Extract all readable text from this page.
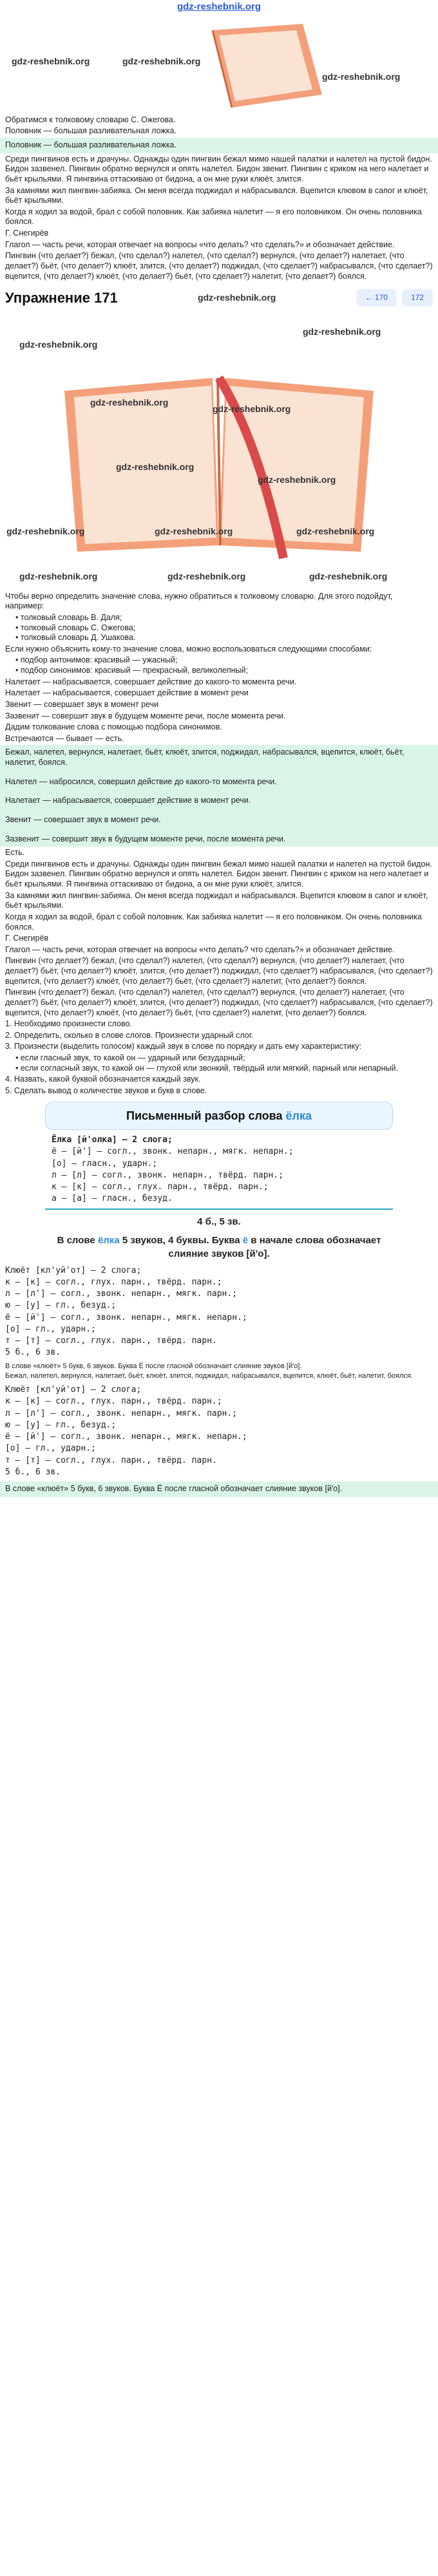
gdz-reshebnik.org
gdz-reshebnik.org	gdz-reshebnik.org
gdz-reshebnik.org

Обратимся к толковому словарю С. Ожегова.

Половник — большая разливательная ложка.

Половник — большая разливательная ложка.

Среди пингвинов есть и драчуны. Однажды один пингвин бежал мимо нашей палатки и налетел на пустой бидон. Бидон зазвенел. Пингвин обратно вернулся и опять налетел. Бидон звенит. Пингвин с криком на него налетает и бьёт крыльями. Я пингвина оттаскиваю от бидона, а он мне руки клюёт, злится.

За камнями жил пингвин-забияка. Он меня всегда поджидал и набрасывался. Вцепится клювом в сапог и клюёт, бьёт крыльями.

Когда я ходил за водой, брал с собой половник. Как забияка налетит — я его половником. Он очень половника боялся.

Г. Снегирёв

Глагол — часть речи, которая отвечает на вопросы «что делать? что сделать?» и обозначает действие.

Пингвин (что делает?) бежал, (что сделал?) налетел, (что сделал?) вернулся, (что делает?) налетает, (что делает?) бьёт, (что делает?) клюёт, злится, (что делает?) поджидал, (что сделает?) набрасывался, (что сделает?) вцепится, (что делает?) клюёт, (что делает?) бьёт, (что сделает?) налетит, (что делает?) боялся.

Упражнение 171	gdz-reshebnik.org	← 170	172
gdz-reshebnik.org
gdz-reshebnik.org
gdz-reshebnik.org
gdz-reshebnik.org
gdz-reshebnik.org
gdz-reshebnik.org
gdz-reshebnik.org	gdz-reshebnik.org	gdz-reshebnik.org
gdz-reshebnik.org	gdz-reshebnik.org	gdz-reshebnik.org

Чтобы верно определить значение слова, нужно обратиться к толковому словарю. Для этого подойдут, например:

• толковый словарь В. Даля;
• толковый словарь С. Ожегова;
• толковый словарь Д. Ушакова.

Если нужно объяснить кому-то значение слова, можно воспользоваться следующими способами:

• подбор антонимов: красивый — ужасный;
• подбор синонимов: красивый — прекрасный, великолепный;

Налетает — набрасывается, совершает действие до какого-то момента речи.

Налетает — набрасывается, совершает действие в момент речи

Звенит — совершает звук в момент речи

Зазвенит — совершит звук в будущем моменте речи, после момента речи.

Дадим толкование слова с помощью подбора синонимов.

Встречаются — бывает — есть.

Бежал, налетел, вернулся, налетает, бьёт, клюёт, злится, поджидал, набрасывался, вцепится, клюёт, бьёт, налетит, боялся.

Налетел — набросился, совершил действие до какого-то момента речи.

Налетает — набрасывается, совершает действие в момент речи.

Звенит — совершает звук в момент речи.

Зазвенит — совершит звук в будущем моменте речи, после момента речи.

Есть.

Среди пингвинов есть и драчуны. Однажды один пингвин бежал мимо нашей палатки и налетел на пустой бидон. Бидон зазвенел. Пингвин обратно вернулся и опять налетел. Бидон звенит. Пингвин с криком на него налетает и бьёт крыльями. Я пингвина оттаскиваю от бидона, а он мне руки клюёт, злится.

За камнями жил пингвин-забияка. Он меня всегда поджидал и набрасывался. Вцепится клювом в сапог и клюёт, бьёт крыльями.

Когда я ходил за водой, брал с собой половник. Как забияка налетит — я его половником. Он очень половника боялся.

Г. Снегирёв

Глагол — часть речи, которая отвечает на вопросы «что делать? что сделать?» и обозначает действие.

Пингвин (что делает?) бежал, (что сделал?) налетел, (что сделал?) вернулся, (что делает?) налетает, (что делает?) бьёт, (что делает?) клюёт, злится, (что делает?) поджидал, (что сделает?) набрасывался, (что сделает?) вцепится, (что делает?) клюёт, (что делает?) бьёт, (что сделает?) налетит, (что делает?) боялся.

Пингвин (что делает?) бежал, (что сделал?) налетел, (что сделал?) вернулся, (что делает?) налетает, (что делает?) бьёт, (что делает?) клюёт, злится, (что делает?) поджидал, (что сделает?) набрасывался, (что сделает?) вцепится, (что делает?) клюёт, (что делает?) бьёт, (что сделает?) налетит, (что делает?) боялся.

1. Необходимо произнести слово.

2. Определить, сколько в слове слогов. Произнести ударный слог.

3. Произнести (выделить голосом) каждый звук в слове по порядку и дать ему характеристику:

• если гласный звук, то какой он — ударный или безударный;
• если согласный звук, то какой он — глухой или звонкий, твёрдый или мягкий, парный или непарный.

4. Назвать, какой буквой обозначается каждый звук.

5. Сделать вывод о количестве звуков и букв в слове.

Письменный разбор слова ёлка
Ёлка [й'олка] — 2 слога;
ё — [й'] — согл., звонк. непарн., мягк. непарн.;
[о] — гласн., ударн.;
л — [л] — согл., звонк. непарн., твёрд. парн.;
к — [к] — согл., глух. парн., твёрд. парн.;
а — [а] — гласн., безуд.
4 б., 5 зв.
В слове ёлка 5 звуков, 4 буквы. Буква ё в начале слова обозначает слияние звуков [й'о].
Клюёт [кл'уй'от] — 2 слога;
к — [к] — согл., глух. парн., твёрд. парн.;
л — [л'] — согл., звонк. непарн., мягк. парн.;
ю — [у] — гл., безуд.;
ё — [й'] — согл., звонк. непарн., мягк. непарн.;
[о] — гл., ударн.;
т — [т] — согл., глух. парн., твёрд. парн.
5 б., 6 зв.

В слове «клюёт» 5 букв, 6 звуков. Буква Ё после гласной обозначает слияние звуков [й'о].

Бежал, налетел, вернулся, налетает, бьёт, клюёт, злится, поджидал, набрасывался, вцепится, клюёт, бьёт, налетит, боялся.

Клюёт [кл'уй'от] — 2 слога;
к — [к] — согл., глух. парн., твёрд. парн.;
л — [л'] — согл., звонк. непарн., мягк. парн.;
ю — [у] — гл., безуд.;
ё — [й'] — согл., звонк. непарн., мягк. непарн.;
[о] — гл., ударн.;
т — [т] — согл., глух. парн., твёрд. парн.
5 б., 6 зв.

В слове «клюёт» 5 букв, 6 звуков. Буква Ё после гласной обозначает слияние звуков [й'о].
